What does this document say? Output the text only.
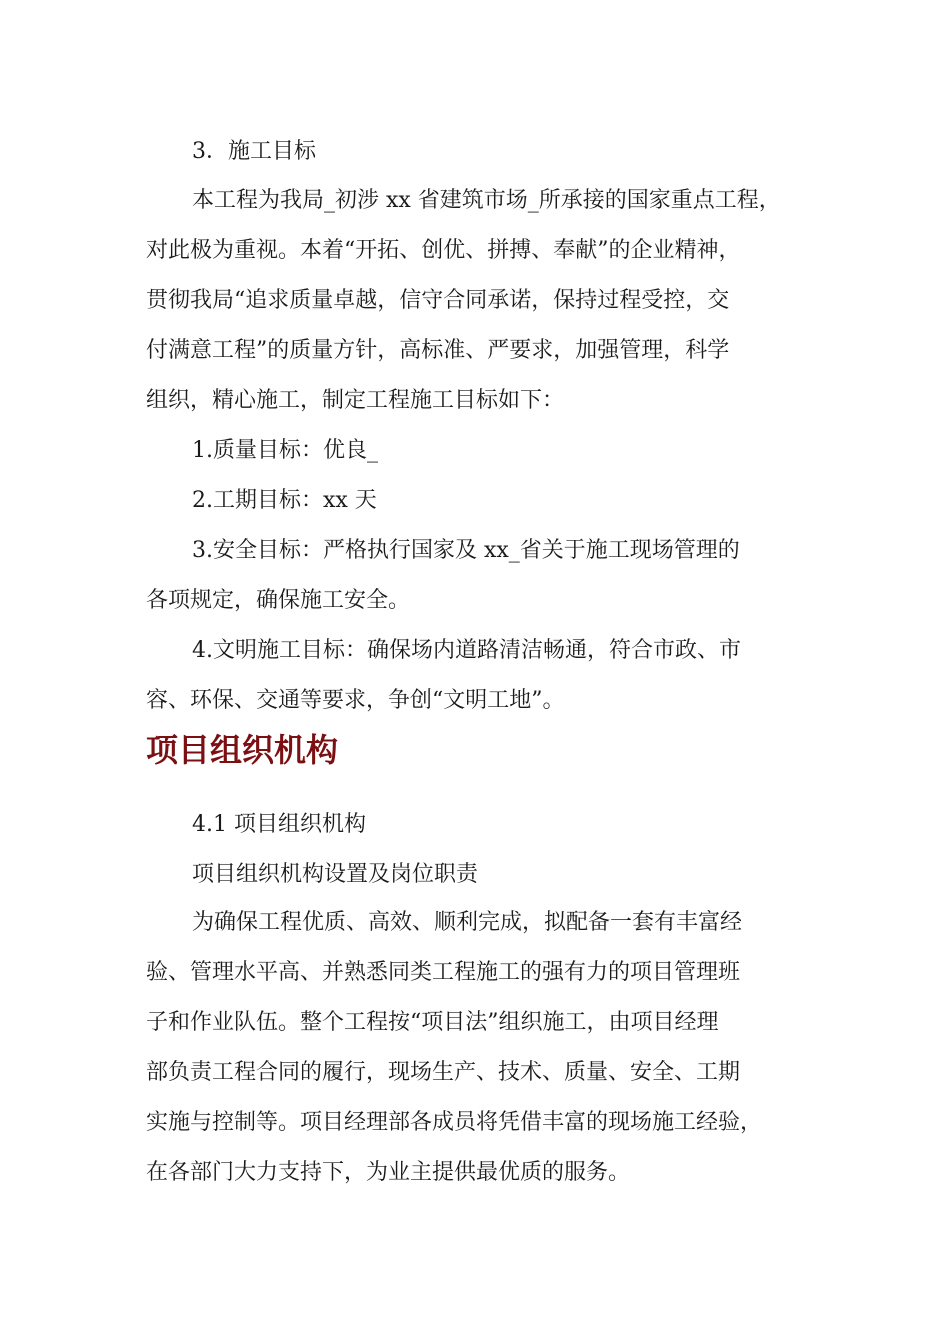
3．施工目标

本工程为我局_初涉 xx 省建筑市场_所承接的国家重点工程，

对此极为重视。本着“开拓、创优、拼搏、奉献”的企业精神，

贯彻我局“追求质量卓越，信守合同承诺，保持过程受控，交

付满意工程”的质量方针，高标准、严要求，加强管理，科学

组织，精心施工，制定工程施工目标如下：

1.质量目标：优良_

2.工期目标：xx 天

3.安全目标：严格执行国家及 xx_省关于施工现场管理的

各项规定，确保施工安全。

4.文明施工目标：确保场内道路清洁畅通，符合市政、市

容、环保、交通等要求，争创“文明工地”。

项目组织机构

4.1 项目组织机构

项目组织机构设置及岗位职责

为确保工程优质、高效、顺利完成，拟配备一套有丰富经

验、管理水平高、并熟悉同类工程施工的强有力的项目管理班

子和作业队伍。整个工程按“项目法”组织施工，由项目经理

部负责工程合同的履行，现场生产、技术、质量、安全、工期

实施与控制等。项目经理部各成员将凭借丰富的现场施工经验，

在各部门大力支持下，为业主提供最优质的服务。
